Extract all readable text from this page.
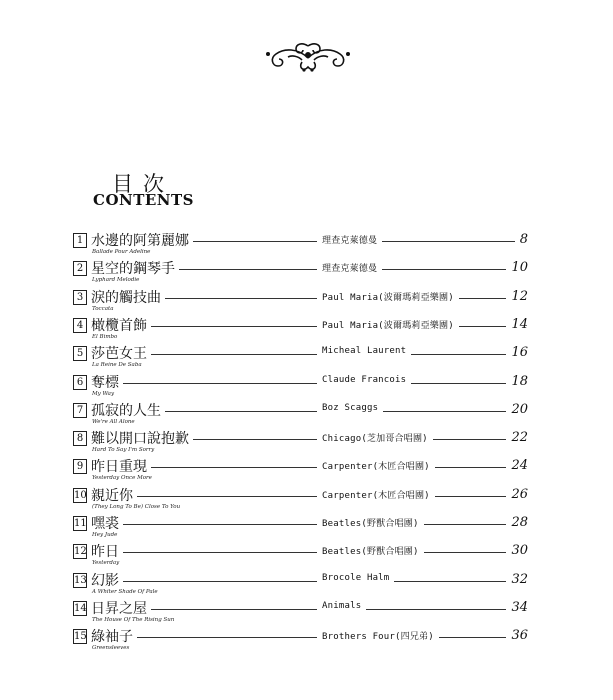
目次
CONTENTS
1 水邊的阿第麗娜
Ballade Pour Adeline
理查克萊德曼	8
2 星空的鋼琴手
Lyphard Melodie
理查克萊德曼	10
3 淚的觸技曲
Toccata
Paul Maria(波爾瑪莉亞樂團)	12
4 橄欖首飾
El Bimbo
Paul Maria(波爾瑪莉亞樂團)	14
5 莎芭女王
La Reine De Saba
Micheal Laurent	16
6 奪標
My Way
Claude Francois	18
7 孤寂的人生
We're All Alone
Boz Scaggs	20
8 難以開口說抱歉
Hard To Say I'm Sorry
Chicago(芝加哥合唱團)	22
9 昨日重現
Yesterday Once More
Carpenter(木匠合唱團)	24
10 親近你
(They Long To Be) Close To You
Carpenter(木匠合唱團)	26
11 嘿裘
Hey Jude
Beatles(野獸合唱團)	28
12 昨日
Yesterday
Beatles(野獸合唱團)	30
13 幻影
A Whiter Shade Of Pale
Brocole Halm	32
14 日昇之屋
The House Of The Rising Sun
Animals	34
15 綠袖子
Greensleeves
Brothers Four(四兄弟)	36
